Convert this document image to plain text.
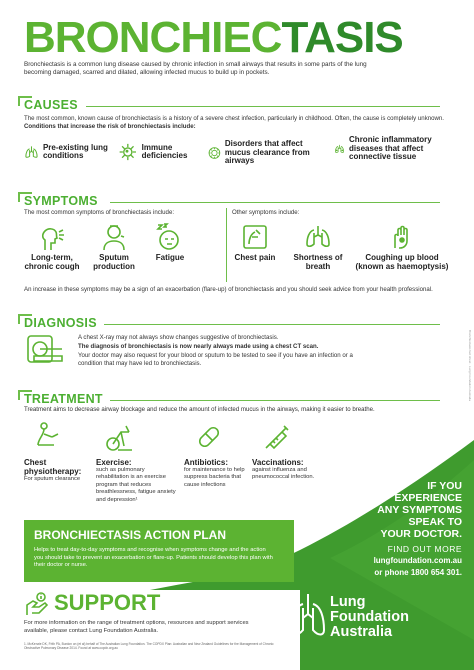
BRONCHIECTASIS
Bronchiectasis is a common lung disease caused by chronic infection in small airways that results in some parts of the lung becoming damaged, scarred and dilated, allowing infected mucus to build up in pockets.
Bronchiectasis fact sheet · Lung Foundation Australia
CAUSES
The most common, known cause of bronchiectasis is a history of a severe chest infection, particularly in childhood. Often, the cause is completely unknown. Conditions that increase the risk of bronchiectasis include:
Pre-existing lung conditions
Immune deficiencies
Disorders that affect mucus clearance from airways
Chronic inflammatory diseases that affect connective tissue
SYMPTOMS
The most common symptoms of bronchiectasis include:	Other symptoms include:
Long-term, chronic cough
Sputum production
Fatigue	Chest pain	Shortness of breath
Coughing up blood (known as haemoptysis)
An increase in these symptoms may be a sign of an exacerbation (flare-up) of bronchiectasis and you should seek advice from your health professional.
DIAGNOSIS
A chest X-ray may not always show changes suggestive of bronchiectasis.
The diagnosis of bronchiectasis is now nearly always made using a chest CT scan.
Your doctor may also request for your blood or sputum to be tested to see if you have an infection or a condition that may have led to bronchiectasis.
TREATMENT
Treatment aims to decrease airway blockage and reduce the amount of infected mucus in the airways, making it easier to breathe.
Chest physiotherapy:
For sputum clearance
Exercise:
such as pulmonary rehabilitation is an exercise program that reduces breathlessness, fatigue anxiety and depression¹
Antibiotics:
for maintenance to help suppress bacteria that cause infections
Vaccinations:
against influenza and pneumococcal infection.
IF YOU
EXPERIENCE
ANY SYMPTOMS
SPEAK TO
YOUR DOCTOR.
FIND OUT MORE
lungfoundation.com.au
or phone 1800 654 301.
BRONCHIECTASIS ACTION PLAN
Helps to treat day-to-day symptoms and recognise when symptoms change and the action you should take to prevent an exacerbation or flare-up. Patients should develop this plan with their doctor or nurse.
SUPPORT
For more information on the range of treatment options, resources and support services available, please contact Lung Foundation Australia.
1. McKenzie DK, Frith PA, Burdon on (et al) behalf of The Australian Lung Foundation. The COPDX Plan: Australian and New Zealand Guidelines for the Management of Chronic Obstructive Pulmonary Disease 2014. Found at www.copdx.org.au
Lung
Foundation
Australia
